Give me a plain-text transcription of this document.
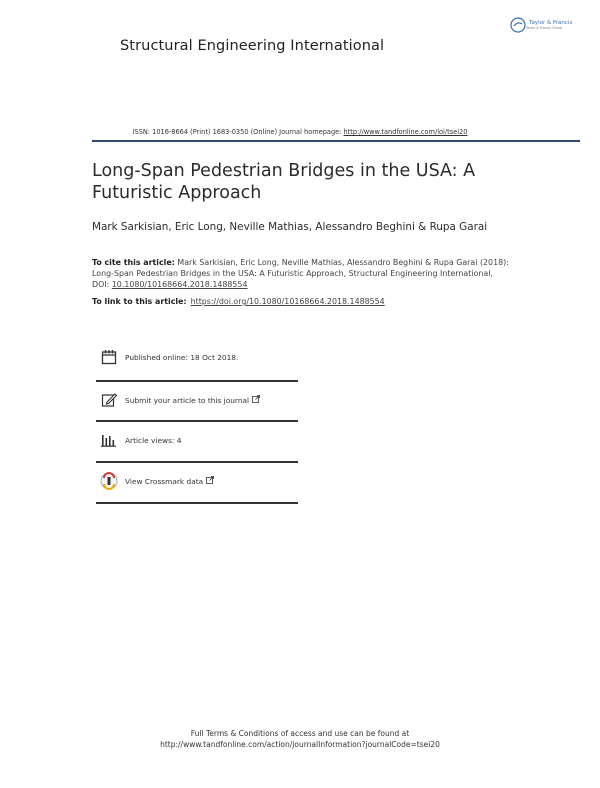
Structural Engineering International
Taylor & Francis
Taylor & Francis Group
ISSN: 1016-8664 (Print) 1683-0350 (Online) Journal homepage: http://www.tandfonline.com/loi/tsei20
Long-Span Pedestrian Bridges in the USA: A Futuristic Approach
Mark Sarkisian, Eric Long, Neville Mathias, Alessandro Beghini & Rupa Garai
To cite this article: Mark Sarkisian, Eric Long, Neville Mathias, Alessandro Beghini & Rupa Garai (2018): Long-Span Pedestrian Bridges in the USA: A Futuristic Approach, Structural Engineering International, DOI: 10.1080/10168664.2018.1488554
To link to this article: https://doi.org/10.1080/10168664.2018.1488554
Published online: 18 Oct 2018.
Submit your article to this journal
Article views: 4
View Crossmark data
Full Terms & Conditions of access and use can be found at
http://www.tandfonline.com/action/journalInformation?journalCode=tsei20
